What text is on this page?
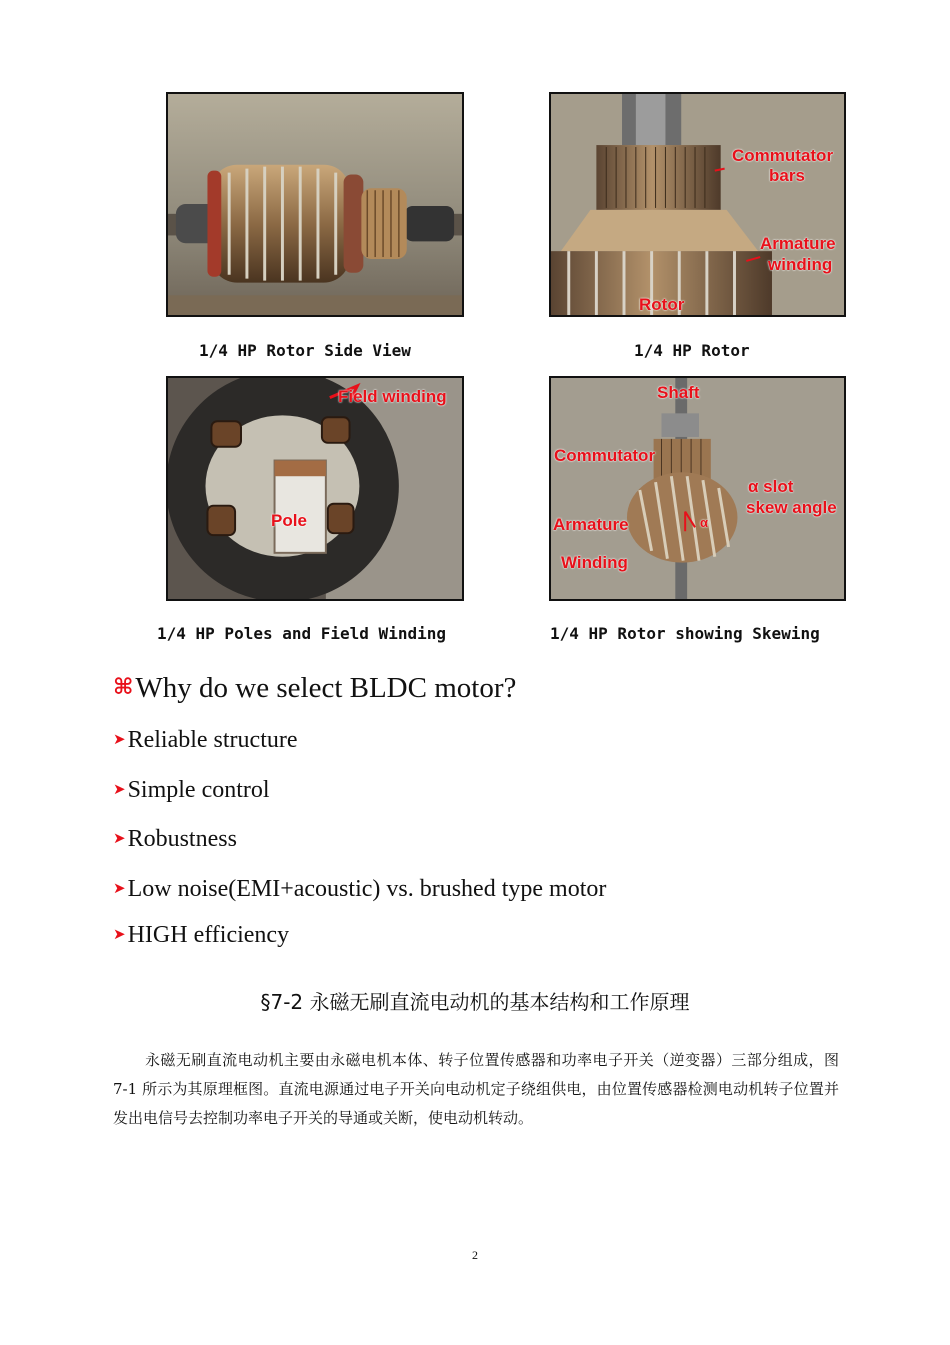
Commutator
bars
Armature
winding
Rotor
Field winding
Pole
Shaft
Commutator
α slot
skew angle
Armature
Winding
α
1/4 HP Rotor Side View	1/4 HP Rotor
1/4 HP Poles and Field Winding	1/4 HP Rotor showing Skewing
⌘Why do we select BLDC motor?
➤Reliable structure
➤Simple control
➤Robustness
➤Low noise(EMI+acoustic) vs. brushed type motor
➤HIGH efficiency
§7-2 永磁无刷直流电动机的基本结构和工作原理

永磁无刷直流电动机主要由永磁电机本体、转子位置传感器和功率电子开关（逆变器）三部分组成，图 7-1 所示为其原理框图。直流电源通过电子开关向电动机定子绕组供电，由位置传感器检测电动机转子位置并发出电信号去控制功率电子开关的导通或关断，使电动机转动。

2
